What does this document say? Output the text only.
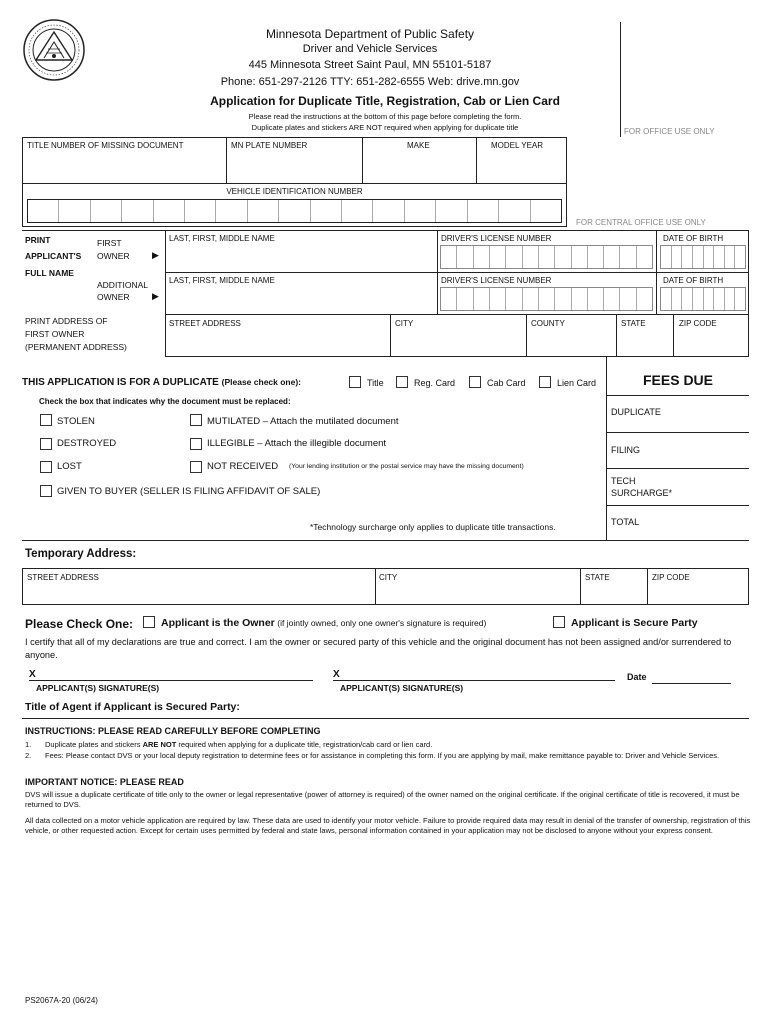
Minnesota Department of Public Safety
Driver and Vehicle Services
445 Minnesota Street Saint Paul, MN 55101-5187
Phone: 651-297-2126 TTY: 651-282-6555 Web: drive.mn.gov
Application for Duplicate Title, Registration, Cab or Lien Card
Please read the instructions at the bottom of this page before completing the form.
Duplicate plates and stickers ARE NOT required when applying for duplicate title	FOR OFFICE USE ONLY
TITLE NUMBER OF MISSING DOCUMENT	MN PLATE NUMBER	MAKE	MODEL YEAR
VEHICLE IDENTIFICATION NUMBER
FOR CENTRAL OFFICE USE ONLY
PRINT
APPLICANT'S
FULL NAME
FIRST
OWNER ▶
ADDITIONAL
OWNER ▶
LAST, FIRST, MIDDLE NAME	DRIVER'S LICENSE NUMBER	DATE OF BIRTH
LAST, FIRST, MIDDLE NAME	DRIVER'S LICENSE NUMBER	DATE OF BIRTH
PRINT ADDRESS OF
FIRST OWNER
(PERMANENT ADDRESS)
STREET ADDRESS	CITY	COUNTY	STATE	ZIP CODE
THIS APPLICATION IS FOR A DUPLICATE (Please check one):	Title	Reg. Card	Cab Card	Lien Card
Check the box that indicates why the document must be replaced:
STOLEN	MUTILATED – Attach the mutilated document
DESTROYED	ILLEGIBLE – Attach the illegible document
LOST	NOT RECEIVED (Your lending institution or the postal service may have the missing document)
GIVEN TO BUYER (SELLER IS FILING AFFIDAVIT OF SALE)
*Technology surcharge only applies to duplicate title transactions.
FEES DUE
DUPLICATE
FILING
TECH
SURCHARGE*
TOTAL
Temporary Address:
STREET ADDRESS	CITY	STATE	ZIP CODE
Please Check One:	Applicant is the Owner (if jointly owned, only one owner's signature is required)	Applicant is Secure Party
I certify that all of my declarations are true and correct. I am the owner or secured party of this vehicle and the original document has not been assigned and/or surrendered to anyone.
X
APPLICANT(S) SIGNATURE(S)
X
APPLICANT(S) SIGNATURE(S)
Date
Title of Agent if Applicant is Secured Party:
INSTRUCTIONS: PLEASE READ CAREFULLY BEFORE COMPLETING
1. Duplicate plates and stickers ARE NOT required when applying for a duplicate title, registration/cab card or lien card.
2. Fees: Please contact DVS or your local deputy registration to determine fees or for assistance in completing this form. If you are applying by mail, make remittance payable to: Driver and Vehicle Services.
IMPORTANT NOTICE: PLEASE READ
DVS will issue a duplicate certificate of title only to the owner or legal representative (power of attorney is required) of the owner named on the original certificate. If the original certificate of title is recovered, it must be returned to DVS.
All data collected on a motor vehicle application are required by law. These data are used to identify your motor vehicle. Failure to provide required data may result in denial of the transfer of ownership, registration of this vehicle, or other requested action. Except for certain uses permitted by federal and state laws, personal information contained in your application may not be disclosed to anyone without your express consent.
PS2067A-20 (06/24)
